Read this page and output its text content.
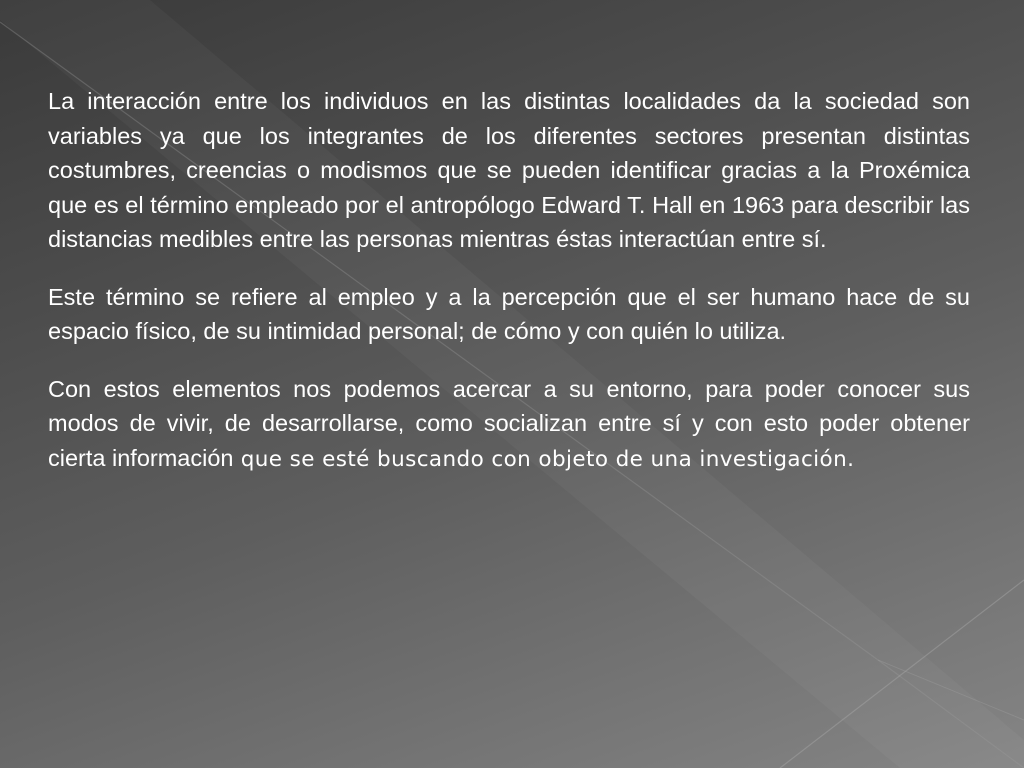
La interacción entre los individuos en las distintas localidades da la sociedad son variables ya que los integrantes de los diferentes sectores presentan distintas costumbres, creencias o modismos que se pueden identificar gracias a la Proxémica que es el término empleado por el antropólogo Edward T. Hall en 1963 para describir las distancias medibles entre las personas mientras éstas interactúan entre sí.

Este término se refiere al empleo y a la percepción que el ser humano hace de su espacio físico, de su intimidad personal; de cómo y con quién lo utiliza.

Con estos elementos nos podemos acercar a su entorno, para poder conocer sus modos de vivir, de desarrollarse, como socializan entre sí y con esto poder obtener cierta información que se esté buscando con objeto de una investigación.
